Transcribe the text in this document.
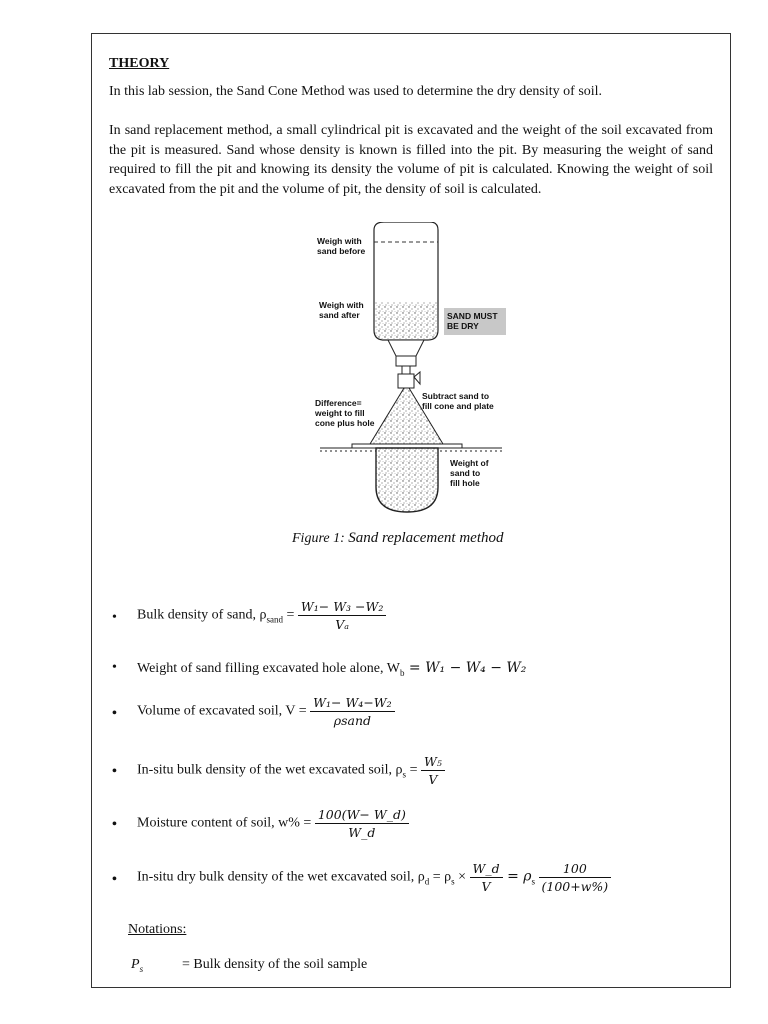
THEORY

In this lab session, the Sand Cone Method was used to determine the dry density of soil.

In sand replacement method, a small cylindrical pit is excavated and the weight of the soil excavated from the pit is measured. Sand whose density is known is filled into the pit. By measuring the weight of sand required to fill the pit and knowing its density the volume of pit is calculated. Knowing the weight of soil excavated from the pit and the volume of pit, the density of soil is calculated.

Weigh with
sand before
Weigh with
sand after	SAND MUST
BE DRY
Subtract sand to
fill cone and plate
Difference=
weight to fill
cone plus hole
Weight of
sand to
fill hole
Figure 1: Sand replacement method
• Bulk density of sand, $\rho_{sand} = \frac{\text{W₁− W₃ −W₂}}{\text{Vₐ}}$
• Weight of sand filling excavated hole alone, $W_b = W_1 - W_4 - W_2$
• Volume of excavated soil, $V = \frac{\text{W₁− W₄−W₂}}{\text{ρsand}}$
• In-situ bulk density of the wet excavated soil, $\rho_s = \frac{\text{W₅}}{V}$
• Moisture content of soil, $w\% = \frac{100(W- W\_d)}{W\_d}$
• In-situ dry bulk density of the wet excavated soil, $\rho_d = \rho_s \times \frac{W\_d}{V} = \rho_s \frac{100}{(100+w\%)}$
Notations:
$P_s$	= Bulk density of the soil sample
